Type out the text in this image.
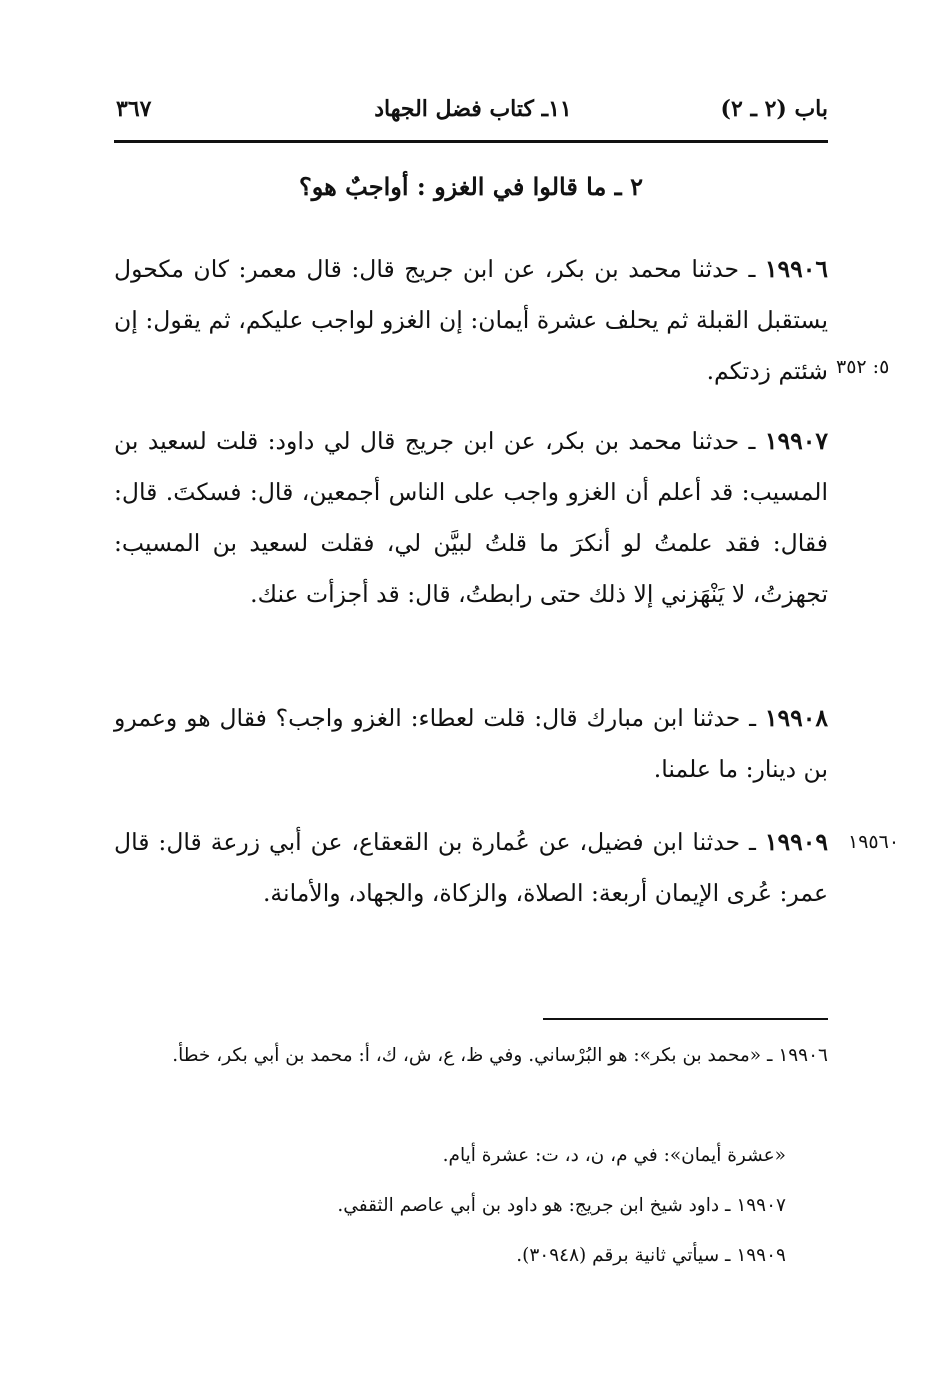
٣٦٧	١١ـ كتاب فضل الجهاد	باب (٢ ـ ٢)
٢ ـ ما قالوا في الغزو : أواجبٌ هو؟
١٩٩٠٦ ـ حدثنا محمد بن بكر، عن ابن جريج قال: قال معمر: كان مكحول يستقبل القبلة ثم يحلف عشرة أيمان: إن الغزو لواجب عليكم، ثم يقول: إن شئتم زدتكم. ٥: ٣٥٢
١٩٩٠٧ ـ حدثنا محمد بن بكر، عن ابن جريج قال لي داود: قلت لسعيد بن المسيب: قد أعلم أن الغزو واجب على الناس أجمعين، قال: فسكتَ. قال: فقال: فقد علمتُ لو أنكرَ ما قلتُ لبيَّن لي، فقلت لسعيد بن المسيب: تجهزتُ، لا يَنْهَزني إلا ذلك حتى رابطتُ، قال: قد أجزأت عنك.
١٩٩٠٨ ـ حدثنا ابن مبارك قال: قلت لعطاء: الغزو واجب؟ فقال هو وعمرو بن دينار: ما علمنا.
١٩٩٠٩ ـ حدثنا ابن فضيل، عن عُمارة بن القعقاع، عن أبي زرعة قال: قال عمر: عُرى الإيمان أربعة: الصلاة، والزكاة، والجهاد، والأمانة.
١٩٥٦٠
١٩٩٠٦ ـ «محمد بن بكر»: هو البُرْساني. وفي ظ، ع، ش، ك، أ: محمد بن أبي بكر، خطأ.
«عشرة أيمان»: في م، ن، د، ت: عشرة أيام.
١٩٩٠٧ ـ داود شيخ ابن جريج: هو داود بن أبي عاصم الثقفي.
١٩٩٠٩ ـ سيأتي ثانية برقم (٣٠٩٤٨).
